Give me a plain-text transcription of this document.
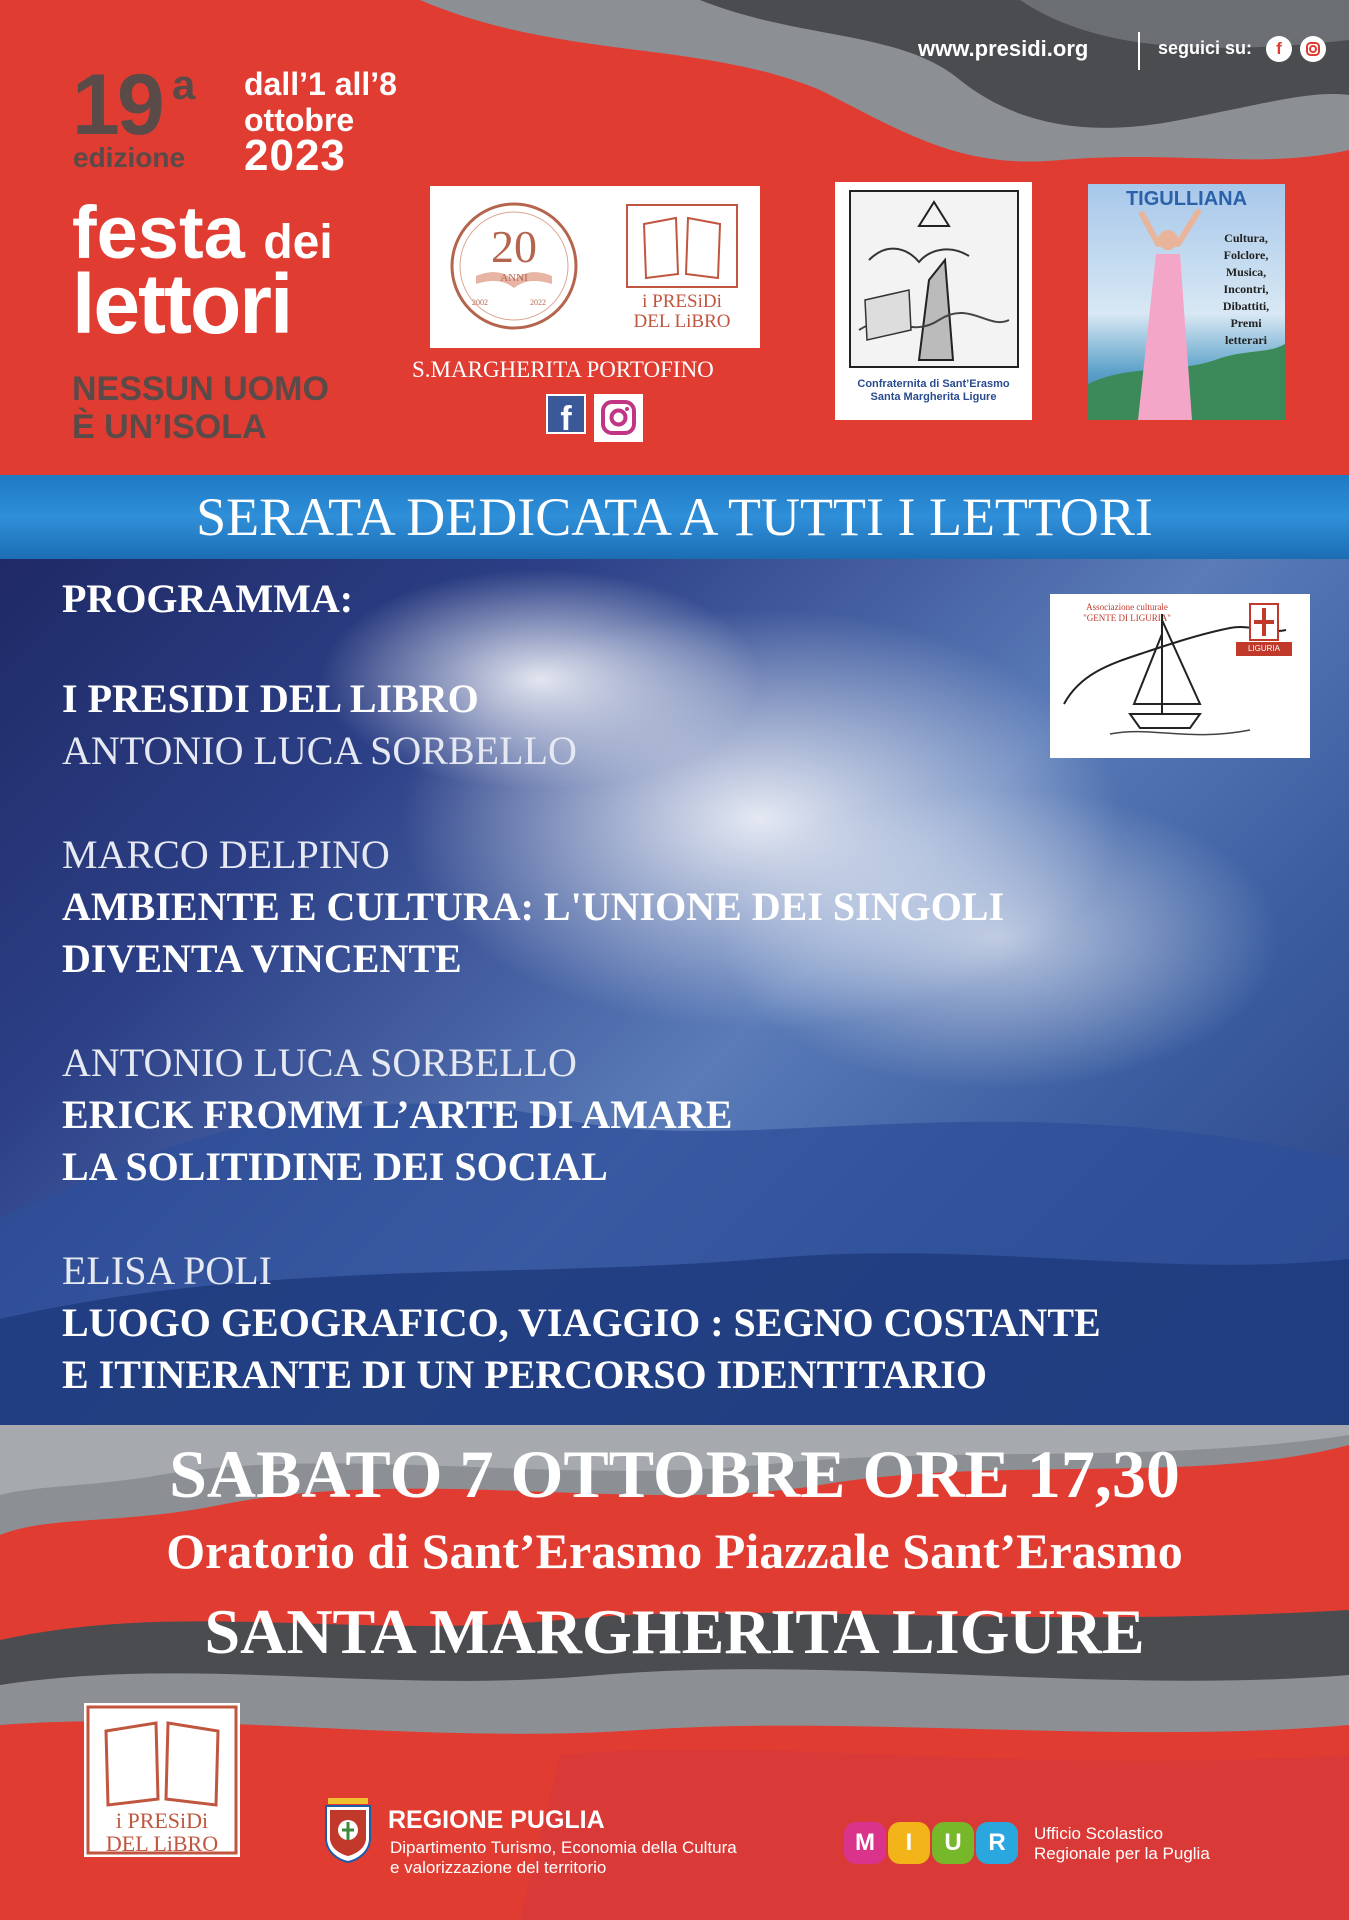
19 a
edizione
dall’1 all’8
ottobre
2023
festa dei
lettori
NESSUN UOMO
È UN’ISOLA
www.presidi.org	seguici su:	f
20
ANNI
2002	2022	i PRESiDi
DEL LiBRO
S.MARGHERITA PORTOFINO
f
Confraternita di Sant’Erasmo
Santa Margherita Ligure
TIGULLIANA
Cultura,
Folclore,
Musica,
Incontri,
Dibattiti,
Premi
letterari
SERATA DEDICATA A TUTTI I LETTORI
PROGRAMMA:
I PRESIDI DEL LIBRO
ANTONIO LUCA SORBELLO
MARCO DELPINO
AMBIENTE E CULTURA: L'UNIONE DEI SINGOLI
DIVENTA VINCENTE
ANTONIO LUCA SORBELLO
ERICK FROMM L’ARTE DI AMARE
LA SOLITIDINE DEI SOCIAL
ELISA POLI
LUOGO GEOGRAFICO, VIAGGIO : SEGNO COSTANTE
E ITINERANTE DI UN PERCORSO IDENTITARIO
Associazione culturale
"GENTE DI LIGURIA"
LIGURIA
SABATO 7 OTTOBRE ORE 17,30
Oratorio di Sant’Erasmo Piazzale Sant’Erasmo
SANTA MARGHERITA LIGURE
i PRESiDi
DEL LiBRO
REGIONE PUGLIA
Dipartimento Turismo, Economia della Cultura
e valorizzazione del territorio
M	I	U	R	Ufficio Scolastico
Regionale per la Puglia
